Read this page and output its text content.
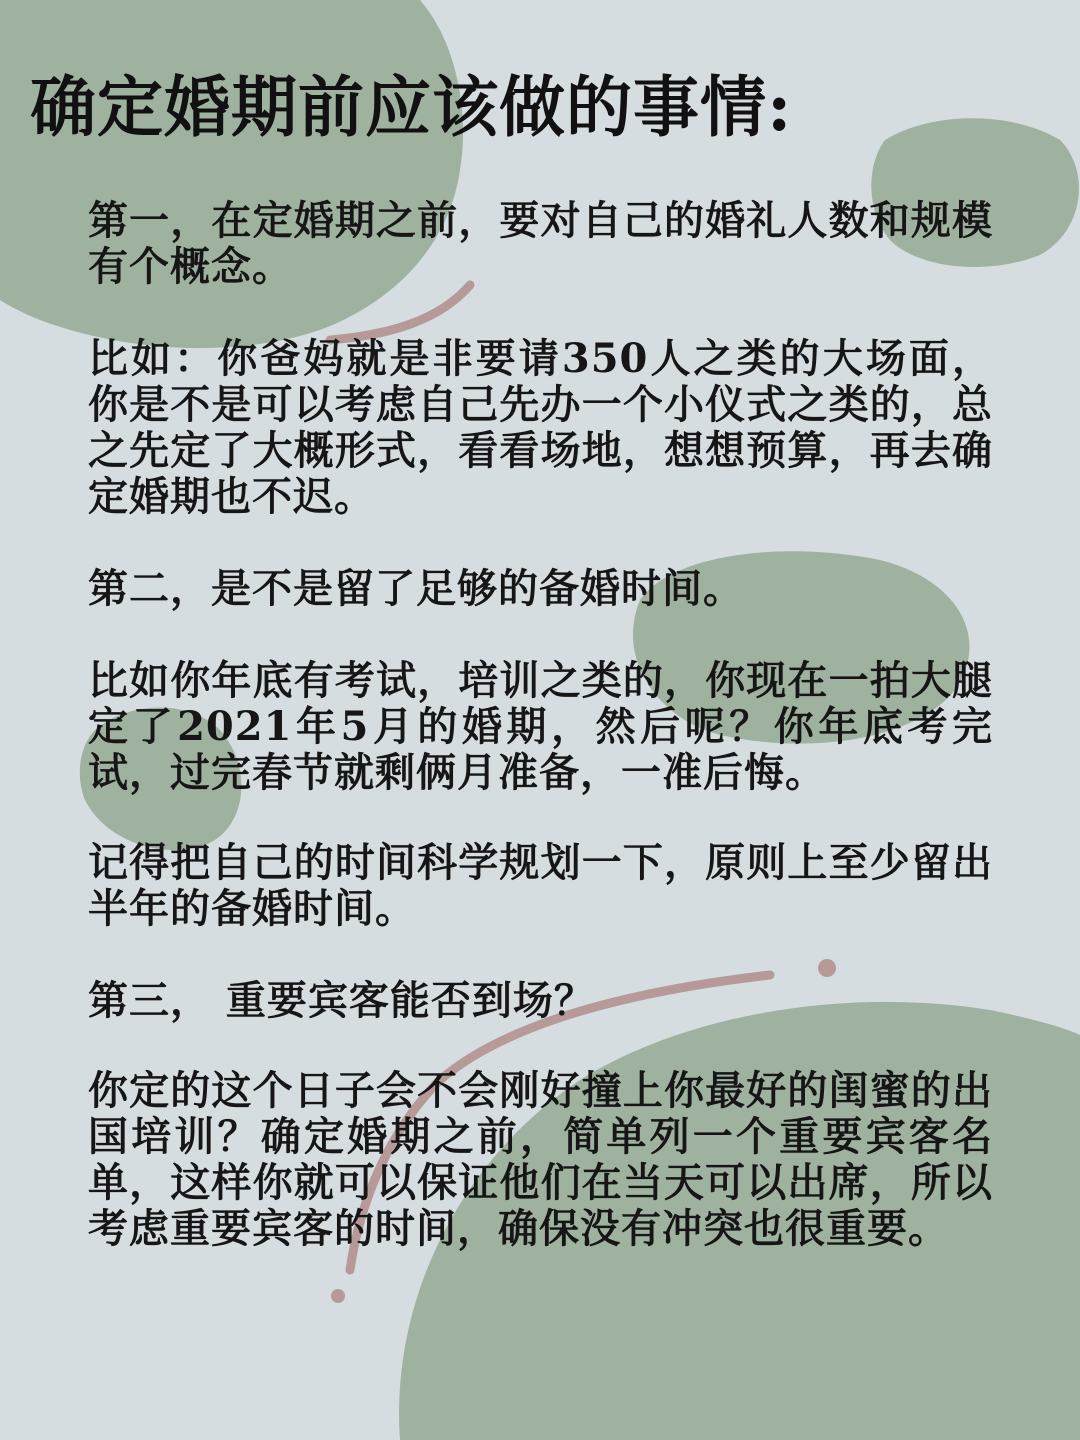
确定婚期前应该做的事情:

第一，在定婚期之前，要对自己的婚礼人数和规模有个概念。

比如：你爸妈就是非要请350人之类的大场面，你是不是可以考虑自己先办一个小仪式之类的，总之先定了大概形式，看看场地，想想预算，再去确定婚期也不迟。

第二，是不是留了足够的备婚时间。

比如你年底有考试，培训之类的，你现在一拍大腿定了2021年5月的婚期，然后呢？你年底考完试，过完春节就剩俩月准备，一准后悔。

记得把自己的时间科学规划一下，原则上至少留出半年的备婚时间。

第三， 重要宾客能否到场？

你定的这个日子会不会刚好撞上你最好的闺蜜的出国培训？确定婚期之前，简单列一个重要宾客名单，这样你就可以保证他们在当天可以出席，所以考虑重要宾客的时间，确保没有冲突也很重要。
